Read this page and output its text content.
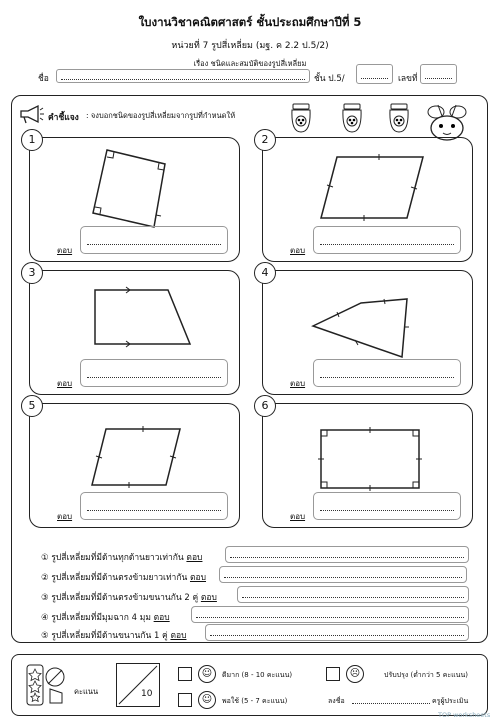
ใบงานวิชาคณิตศาสตร์ ชั้นประถมศึกษาปีที่ 5
หน่วยที่ 7 รูปสี่เหลี่ยม (มฐ. ค 2.2 ป.5/2)
เรื่อง ชนิดและสมบัติของรูปสี่เหลี่ยม
ชื่อ	ชั้น ป.5/	เลขที่
คำชี้แจง : จงบอกชนิดของรูปสี่เหลี่ยมจากรูปที่กำหนดให้
1
ตอบ
2
ตอบ
3
ตอบ
4
ตอบ
5
ตอบ
6
ตอบ
① รูปสี่เหลี่ยมที่มีด้านทุกด้านยาวเท่ากัน ตอบ
② รูปสี่เหลี่ยมที่มีด้านตรงข้ามยาวเท่ากัน ตอบ
③ รูปสี่เหลี่ยมที่มีด้านตรงข้ามขนานกัน 2 คู่ ตอบ
④ รูปสี่เหลี่ยมที่มีมุมฉาก 4 มุม ตอบ
⑤ รูปสี่เหลี่ยมที่มีด้านขนานกัน 1 คู่ ตอบ
คะแนน	10
☺	ดีมาก (8 - 10 คะแนน)	☹	ปรับปรุง (ต่ำกว่า 5 คะแนน)
☺	พอใช้ (5 - 7 คะแนน)	ลงชื่อ	ครูผู้ประเมิน
TOP worksheets
